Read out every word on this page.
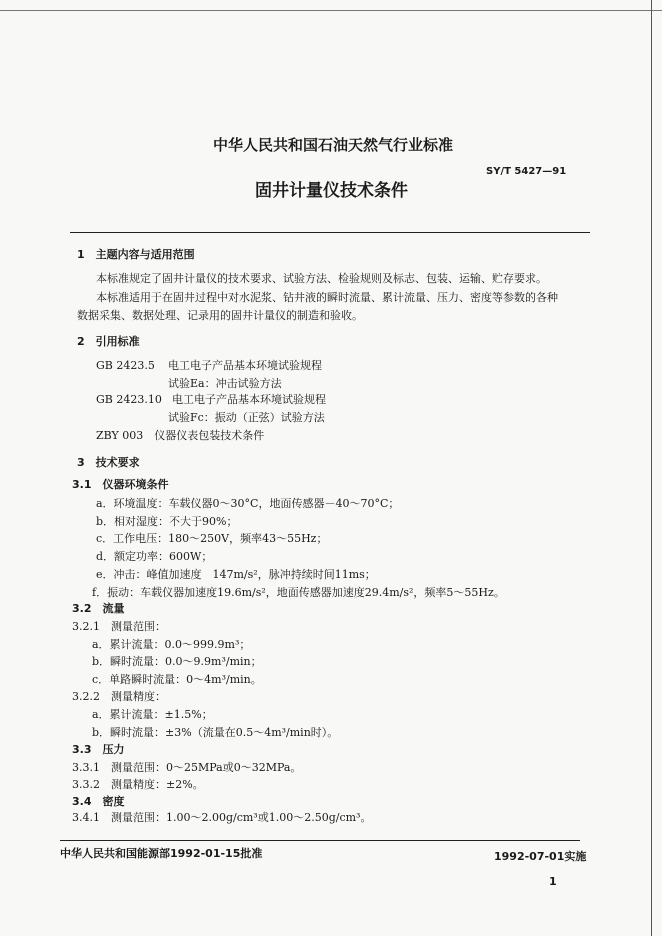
中华人民共和国石油天然气行业标准
SY/T 5427—91
固井计量仪技术条件
1　主题内容与适用范围
本标准规定了固井计量仪的技术要求、试验方法、检验规则及标志、包装、运输、贮存要求。
本标准适用于在固井过程中对水泥浆、钻井液的瞬时流量、累计流量、压力、密度等参数的各种
数据采集、数据处理、记录用的固井计量仪的制造和验收。
2　引用标准
GB 2423.5 电工电子产品基本环境试验规程
试验Ea：冲击试验方法
GB 2423.10 电工电子产品基本环境试验规程
试验Fc：振动（正弦）试验方法
ZBY 003　仪器仪表包装技术条件
3　技术要求
3.1　仪器环境条件
a．环境温度：车载仪器0～30°C，地面传感器－40～70°C；
b．相对湿度：不大于90%；
c．工作电压：180～250V，频率43～55Hz；
d．额定功率：600W；
e．冲击：峰值加速度　147m/s²，脉冲持续时间11ms；
f．振动：车载仪器加速度19.6m/s²，地面传感器加速度29.4m/s²，频率5～55Hz。
3.2　流量
3.2.1　测量范围：
a．累计流量：0.0～999.9m³；
b．瞬时流量：0.0～9.9m³/min；
c．单路瞬时流量：0～4m³/min。
3.2.2　测量精度：
a．累计流量：±1.5%；
b．瞬时流量：±3%（流量在0.5～4m³/min时）。
3.3　压力
3.3.1　测量范围：0～25MPa或0～32MPa。
3.3.2　测量精度：±2%。
3.4　密度
3.4.1　测量范围：1.00～2.00g/cm³或1.00～2.50g/cm³。
中华人民共和国能源部1992-01-15批准	1992-07-01实施
1
